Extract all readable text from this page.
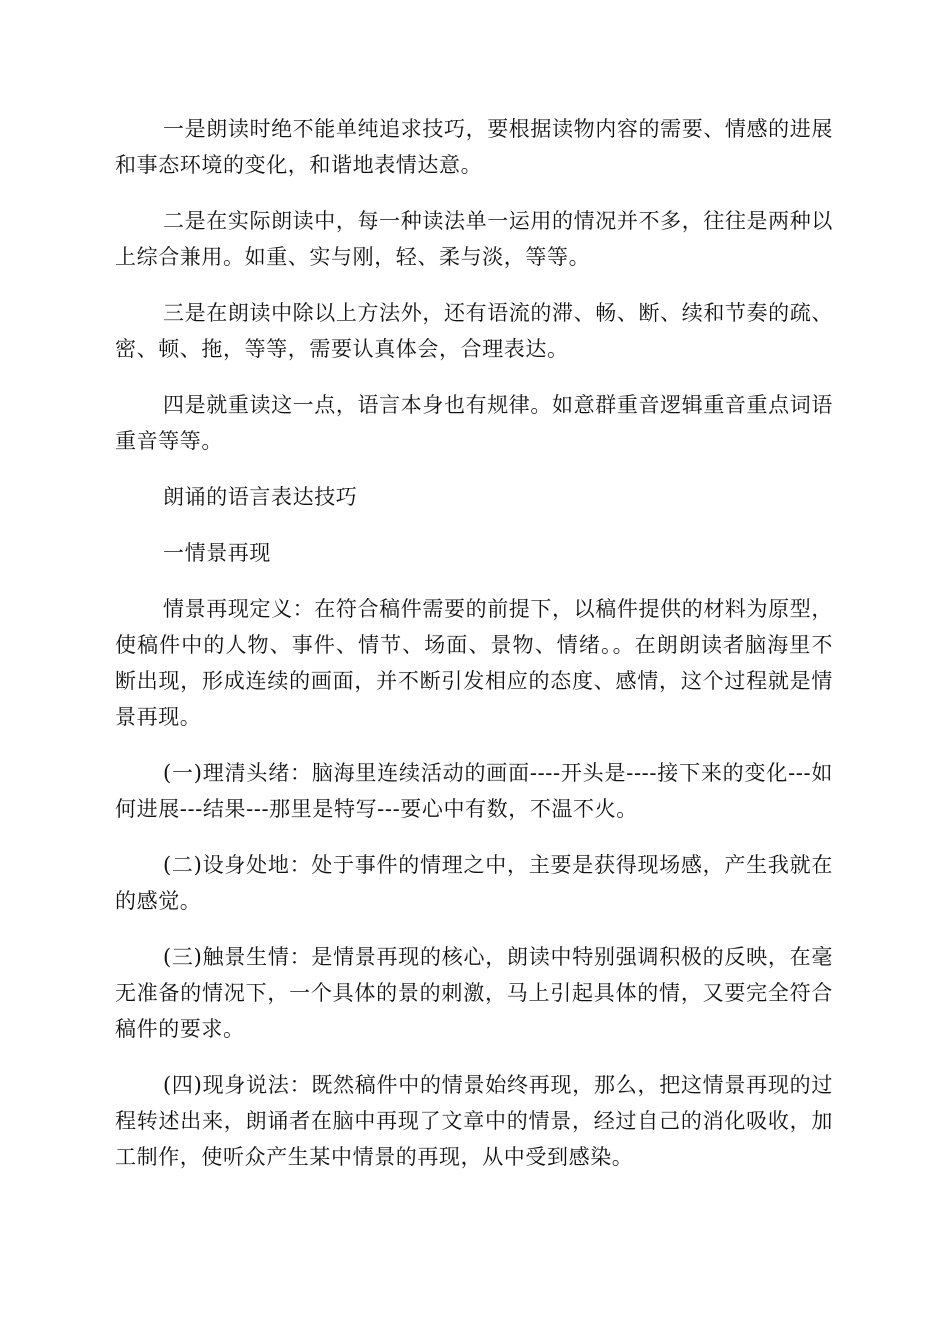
一是朗读时绝不能单纯追求技巧，要根据读物内容的需要、情感的进展和事态环境的变化，和谐地表情达意。

二是在实际朗读中，每一种读法单一运用的情况并不多，往往是两种以上综合兼用。如重、实与刚，轻、柔与淡，等等。

三是在朗读中除以上方法外，还有语流的滞、畅、断、续和节奏的疏、密、顿、拖，等等，需要认真体会，合理表达。

四是就重读这一点，语言本身也有规律。如意群重音逻辑重音重点词语重音等等。

朗诵的语言表达技巧

一情景再现

情景再现定义：在符合稿件需要的前提下，以稿件提供的材料为原型，使稿件中的人物、事件、情节、场面、景物、情绪。。在朗朗读者脑海里不断出现，形成连续的画面，并不断引发相应的态度、感情，这个过程就是情景再现。

(一)理清头绪：脑海里连续活动的画面----开头是----接下来的变化---如何进展---结果---那里是特写---要心中有数，不温不火。

(二)设身处地：处于事件的情理之中，主要是获得现场感，产生我就在的感觉。

(三)触景生情：是情景再现的核心，朗读中特别强调积极的反映，在毫无准备的情况下，一个具体的景的刺激，马上引起具体的情，又要完全符合稿件的要求。

(四)现身说法：既然稿件中的情景始终再现，那么，把这情景再现的过程转述出来，朗诵者在脑中再现了文章中的情景，经过自己的消化吸收，加工制作，使听众产生某中情景的再现，从中受到感染。
